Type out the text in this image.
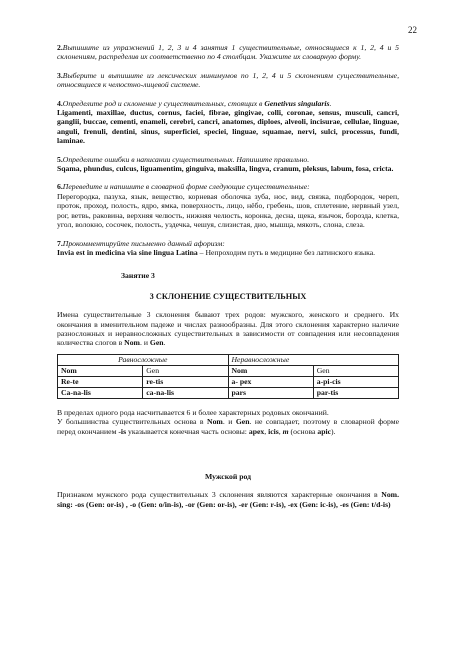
22

2.Выпишите из упражнений 1, 2, 3 и 4 занятия 1 существительные, относящиеся к 1, 2, 4 и 5 склонениям, распределив их соответственно по 4 столбцам. Укажите их словарную форму.

3.Выберите и выпишите из лексических минимумов по 1, 2, 4 и 5 склонениям существительные, относящиеся к челюстно-лицевой системе.

4.Определите род и склонение у существительных, стоящих в Genetivus singularis.

Ligamenti, maxillae, ductus, cornus, faciei, fibrae, gingivae, colli, coronae, sensus, musculi, cancri, ganglii, buccae, cementi, enameli, cerebri, cancri, anatomes, diploes, alveoli, incisurae, cellulae, linguae, anguli, frenuli, dentini, sinus, superficiei, speciei, linguae, squamae, nervi, sulci, processus, fundi, laminae.

5.Определите ошибки в написании существительных. Напишите правильно.

Sqama, phundus, culcus, liguamentim, ginguiva, maksilla, lingva, cranum, pleksus, labum, fosa, cricta.

6.Переведите и напишите в словарной форме следующие существительные:

Перегородка, пазуха, язык, вещество, корневая оболочка зуба, нос, вид, связка, подбородок, череп, проток, проход, полость, ядро, ямка, поверхность, лицо, нёбо, гребень, шов, сплетение, нервный узел, рог, ветвь, раковина, верхняя челюсть, нижняя челюсть, коронка, десна, щека, язычок, борозда, клетка, угол, волокно, сосочек, полость, уздечка, чешуя, слизистая, дно, мышца, мякоть, слона, слеза.

7.Прокомментируйте письменно данный афоризм:

Invia est in medicina via sine lingua Latina – Непроходим путь в медицине без латинского языка.

Занятие 3

3 СКЛОНЕНИЕ СУЩЕСТВИТЕЛЬНЫХ

Имена существительные 3 склонения бывают трех родов: мужского, женского и среднего. Их окончания в именительном падеже и числах разнообразны. Для этого склонения характерно наличие разносложных и неравносложных существительных в зависимости от совпадения или несовпадения количества слогов в Nom. и Gen.

Равносложные		Неравносложные	
Nom	Gen	Nom	Gen
Re-te	re-tis	a- pex	a-pi-cis
Ca-na-lis	ca-na-lis	pars	par-tis

В пределах одного рода насчитывается 6 и более характерных родовых окончаний.

У большинства существительных основа в Nom. и Gen. не совпадает, поэтому в словарной форме перед окончанием -is указывается конечная часть основы: apex, icis, m (основа apic).

Мужской род

Признаком мужского рода существительных 3 склонения являются характерные окончания в Nom. sing: -os (Gen: or-is) , -o (Gen: o/in-is), -or (Gen: or-is), -er (Gen: r-is), -ex (Gen: ic-is), -es (Gen: t/d-is)
